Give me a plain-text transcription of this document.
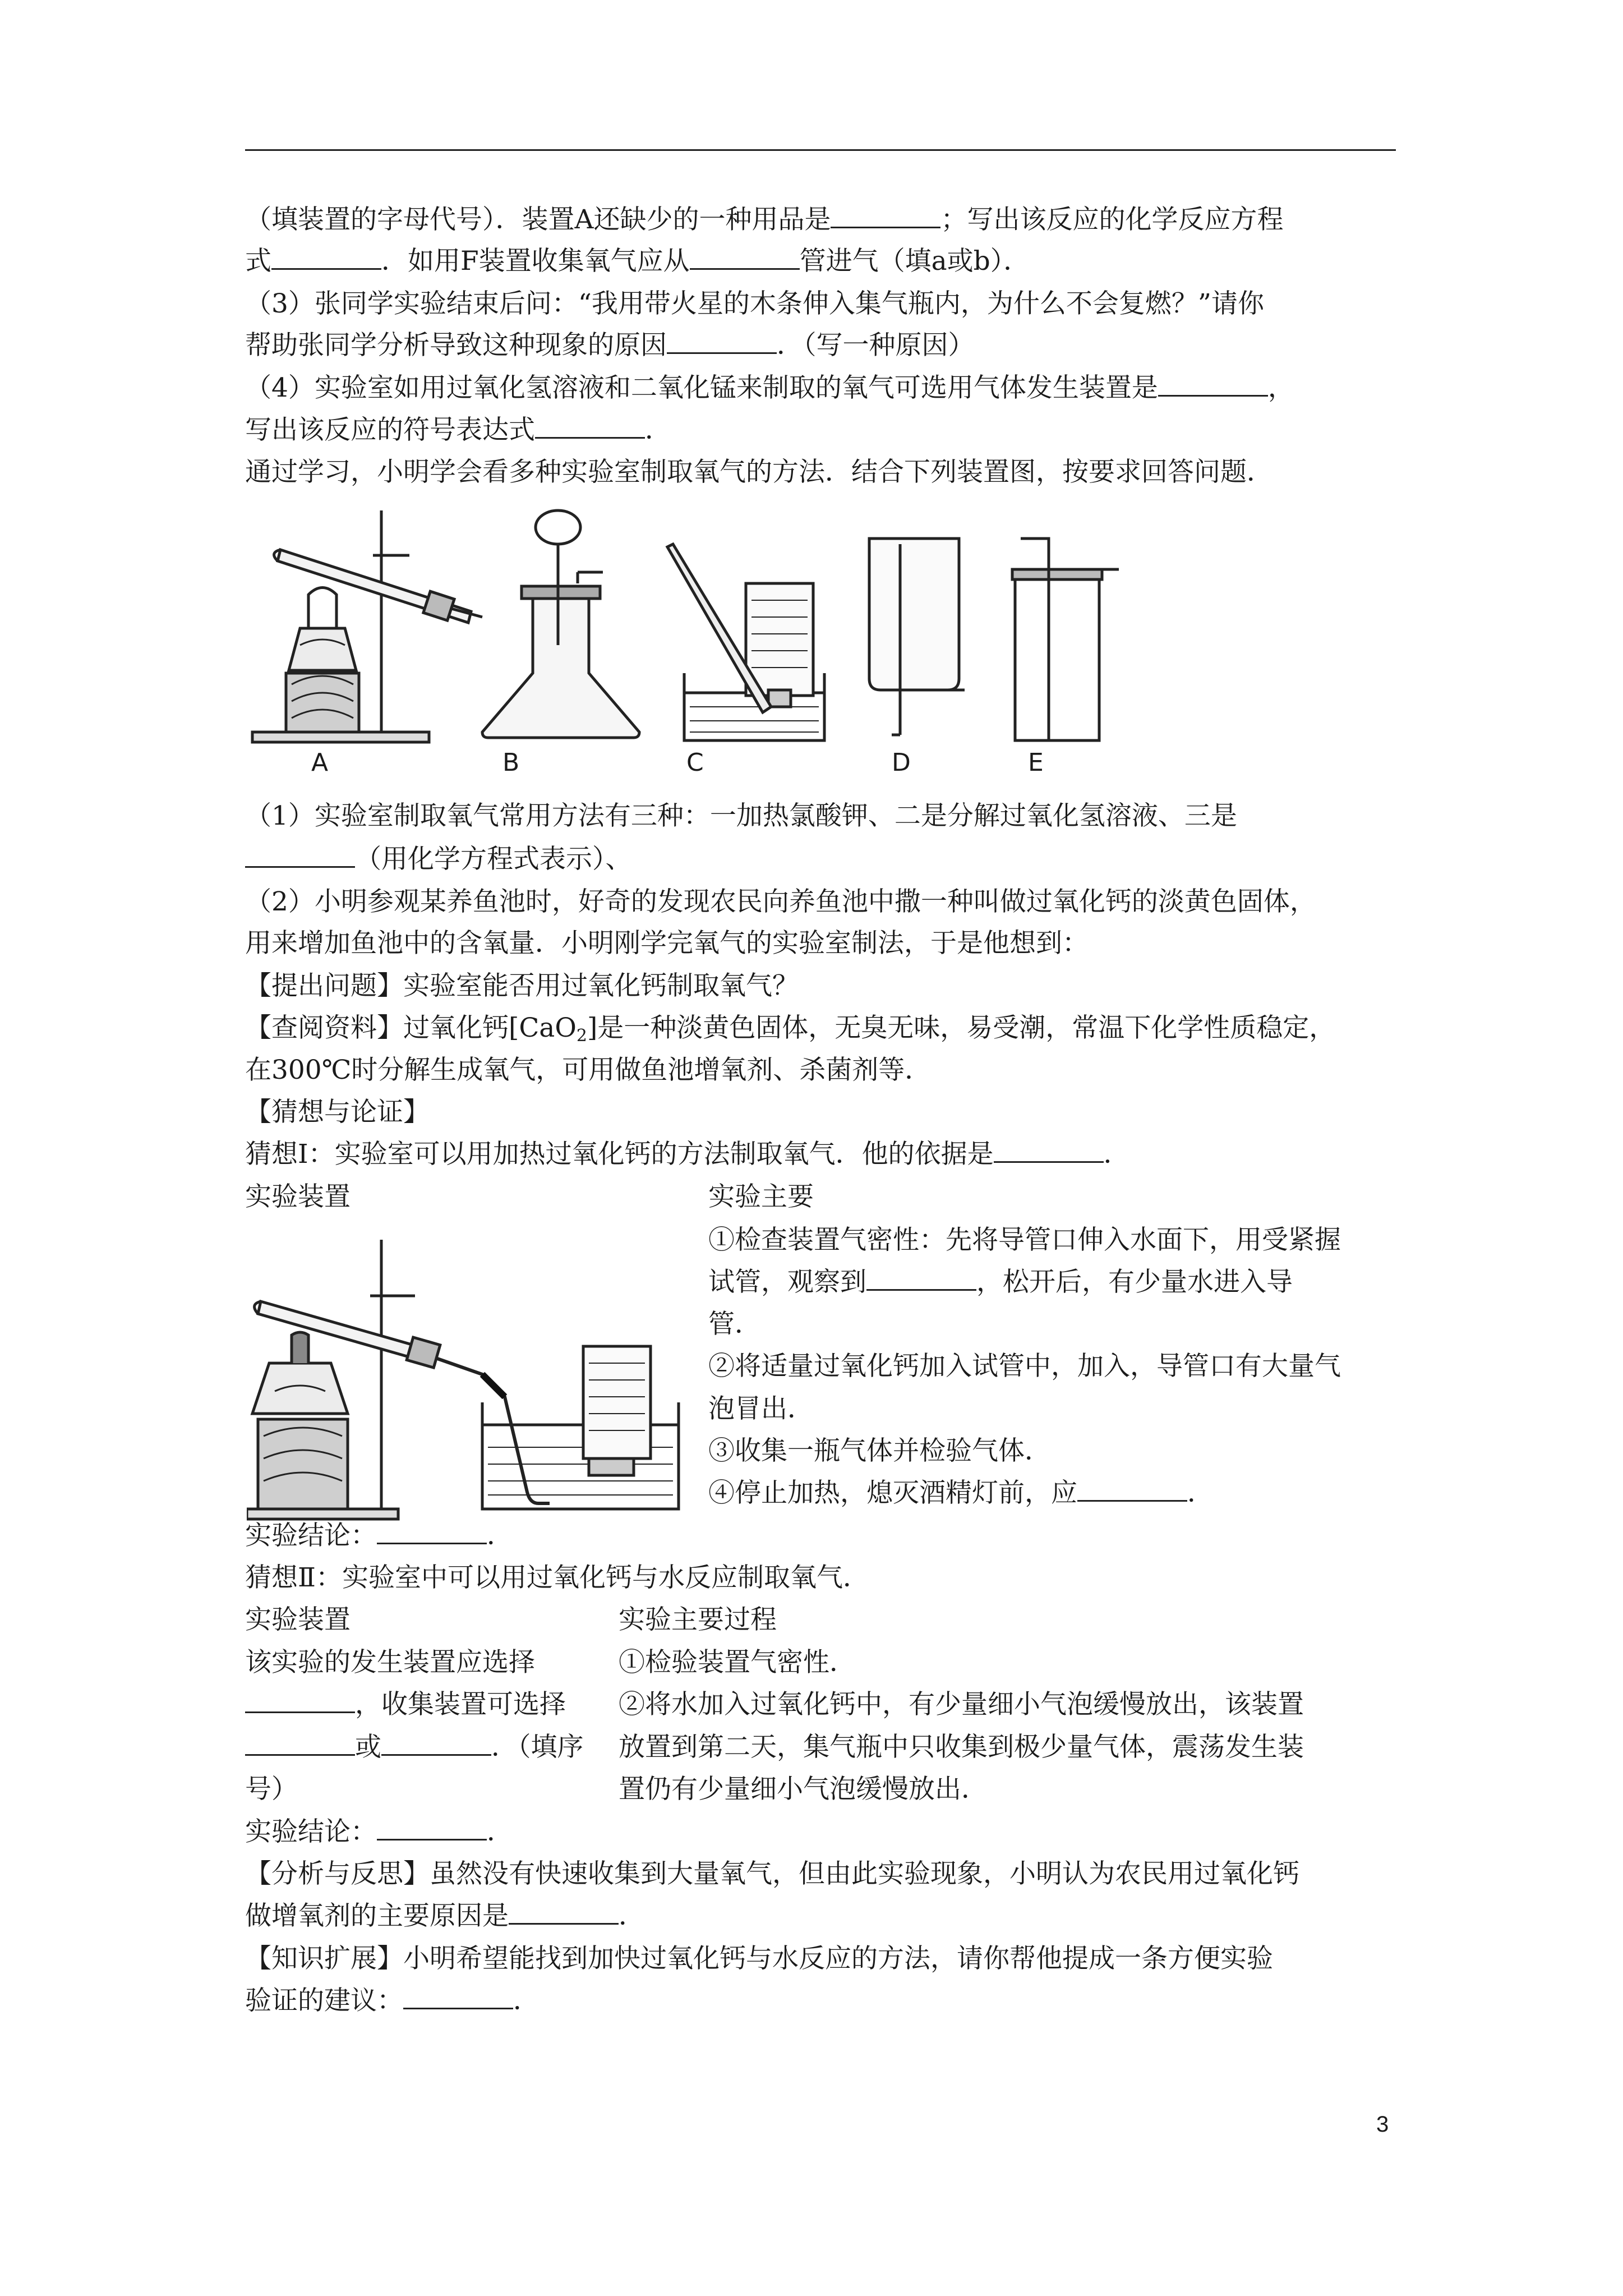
（填装置的字母代号）．装置A还缺少的一种用品是	；写出该反应的化学反应方程
式	．如用F装置收集氧气应从	管进气（填a或b）．
（3）张同学实验结束后问：“我用带火星的木条伸入集气瓶内，为什么不会复燃？”请你
帮助张同学分析导致这种现象的原因	．（写一种原因）
（4）实验室如用过氧化氢溶液和二氧化锰来制取的氧气可选用气体发生装置是	，
写出该反应的符号表达式	．
通过学习，小明学会看多种实验室制取氧气的方法．结合下列装置图，按要求回答问题．
A	B	C	D	E
（1）实验室制取氧气常用方法有三种：一加热氯酸钾、二是分解过氧化氢溶液、三是
（用化学方程式表示）、
（2）小明参观某养鱼池时，好奇的发现农民向养鱼池中撒一种叫做过氧化钙的淡黄色固体，
用来增加鱼池中的含氧量．小明刚学完氧气的实验室制法，于是他想到：
【提出问题】实验室能否用过氧化钙制取氧气？
【查阅资料】过氧化钙[CaO$_2$]是一种淡黄色固体，无臭无味，易受潮，常温下化学性质稳定，
在300℃时分解生成氧气，可用做鱼池增氧剂、杀菌剂等．
【猜想与论证】
猜想Ⅰ：实验室可以用加热过氧化钙的方法制取氧气．他的依据是	．
实验装置	实验主要
①检查装置气密性：先将导管口伸入水面下，用受紧握
试管，观察到	，松开后，有少量水进入导
管．
②将适量过氧化钙加入试管中，加入，导管口有大量气
泡冒出．
③收集一瓶气体并检验气体．
④停止加热，熄灭酒精灯前，应	．
实验结论：	．
猜想Ⅱ：实验室中可以用过氧化钙与水反应制取氧气．
实验装置	实验主要过程
该实验的发生装置应选择
，收集装置可选择
或	．（填序
号）
①检验装置气密性．
②将水加入过氧化钙中，有少量细小气泡缓慢放出，该装置
放置到第二天，集气瓶中只收集到极少量气体，震荡发生装
置仍有少量细小气泡缓慢放出．
实验结论：	．
【分析与反思】虽然没有快速收集到大量氧气，但由此实验现象，小明认为农民用过氧化钙
做增氧剂的主要原因是	．
【知识扩展】小明希望能找到加快过氧化钙与水反应的方法，请你帮他提成一条方便实验
验证的建议：	．
3
